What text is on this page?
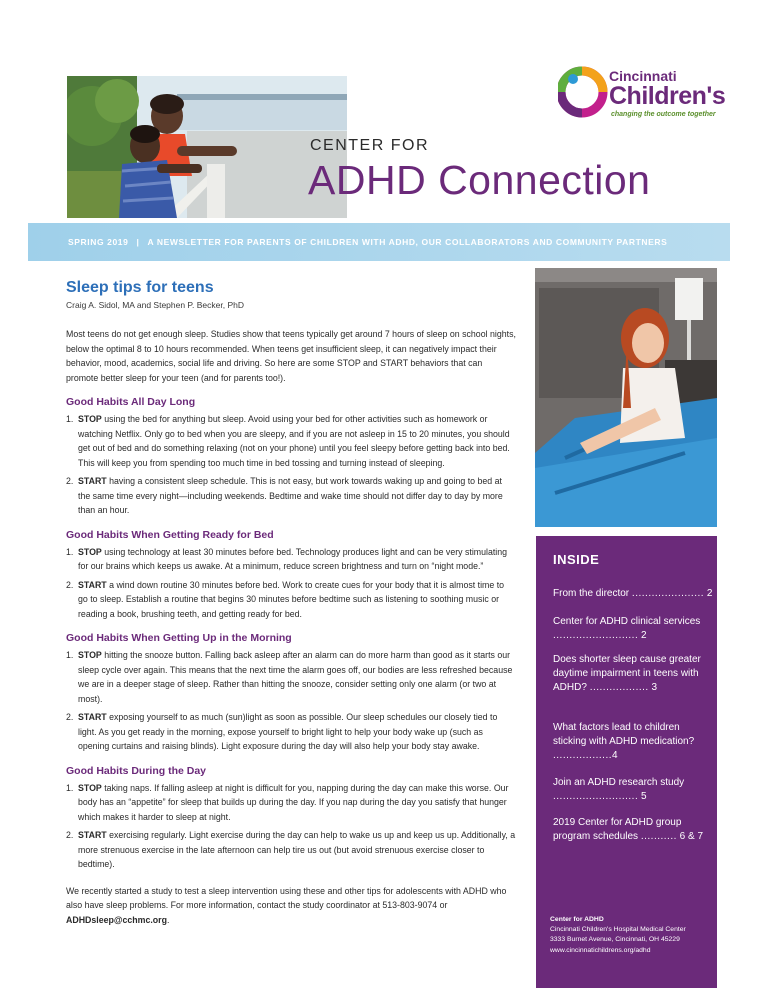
Cincinnati
Children's
changing the outcome together
CENTER FOR
ADHD Connection
SPRING 2019 | A NEWSLETTER FOR PARENTS OF CHILDREN WITH ADHD, OUR COLLABORATORS AND COMMUNITY PARTNERS
Sleep tips for teens
Craig A. Sidol, MA and Stephen P. Becker, PhD
Most teens do not get enough sleep. Studies show that teens typically get around 7 hours of sleep on school nights, below the optimal 8 to 10 hours recommended. When teens get insufficient sleep, it can negatively impact their behavior, mood, academics, social life and driving. So here are some STOP and START behaviors that can promote better sleep for your teen (and for parents too!).
Good Habits All Day Long
1. STOP using the bed for anything but sleep. Avoid using your bed for other activities such as homework or watching Netflix. Only go to bed when you are sleepy, and if you are not asleep in 15 to 20 minutes, you should get out of bed and do something relaxing (not on your phone) until you feel sleepy before getting back into bed. This will keep you from spending too much time in bed tossing and turning instead of sleeping.
2. START having a consistent sleep schedule. This is not easy, but work towards waking up and going to bed at the same time every night—including weekends. Bedtime and wake time should not differ day to day by more than an hour.
Good Habits When Getting Ready for Bed
1. STOP using technology at least 30 minutes before bed. Technology produces light and can be very stimulating for our brains which keeps us awake. At a minimum, reduce screen brightness and turn on “night mode.”
2. START a wind down routine 30 minutes before bed. Work to create cues for your body that it is almost time to go to sleep. Establish a routine that begins 30 minutes before bedtime such as listening to soothing music or reading a book, brushing teeth, and getting ready for bed.
Good Habits When Getting Up in the Morning
1. STOP hitting the snooze button. Falling back asleep after an alarm can do more harm than good as it starts our sleep cycle over again. This means that the next time the alarm goes off, our bodies are less refreshed because we are in a deeper stage of sleep. Rather than hitting the snooze, consider setting only one alarm (or two at most).
2. START exposing yourself to as much (sun)light as soon as possible. Our sleep schedules our closely tied to light. As you get ready in the morning, expose yourself to bright light to help your body wake up (such as opening curtains and raising blinds). Light exposure during the day will also help your body stay awake.
Good Habits During the Day
1. STOP taking naps. If falling asleep at night is difficult for you, napping during the day can make this worse. Our body has an “appetite” for sleep that builds up during the day. If you nap during the day you satisfy that hunger which makes it harder to sleep at night.
2. START exercising regularly. Light exercise during the day can help to wake us up and keep us up. Additionally, a more strenuous exercise in the late afternoon can help tire us out (but avoid strenuous exercise closer to bedtime).
We recently started a study to test a sleep intervention using these and other tips for adolescents with ADHD who also have sleep problems. For more information, contact the study coordinator at 513-803-9074 or ADHDsleep@cchmc.org.
INSIDE
From the director ...................... 2
Center for ADHD clinical services .......................... 2
Does shorter sleep cause greater daytime impairment in teens with ADHD? .................. 3
What factors lead to children sticking with ADHD medication? ..................4
Join an ADHD research study .......................... 5
2019 Center for ADHD group program schedules ........... 6 & 7
Center for ADHD
Cincinnati Children's Hospital Medical Center
3333 Burnet Avenue, Cincinnati, OH 45229
www.cincinnatichildrens.org/adhd
